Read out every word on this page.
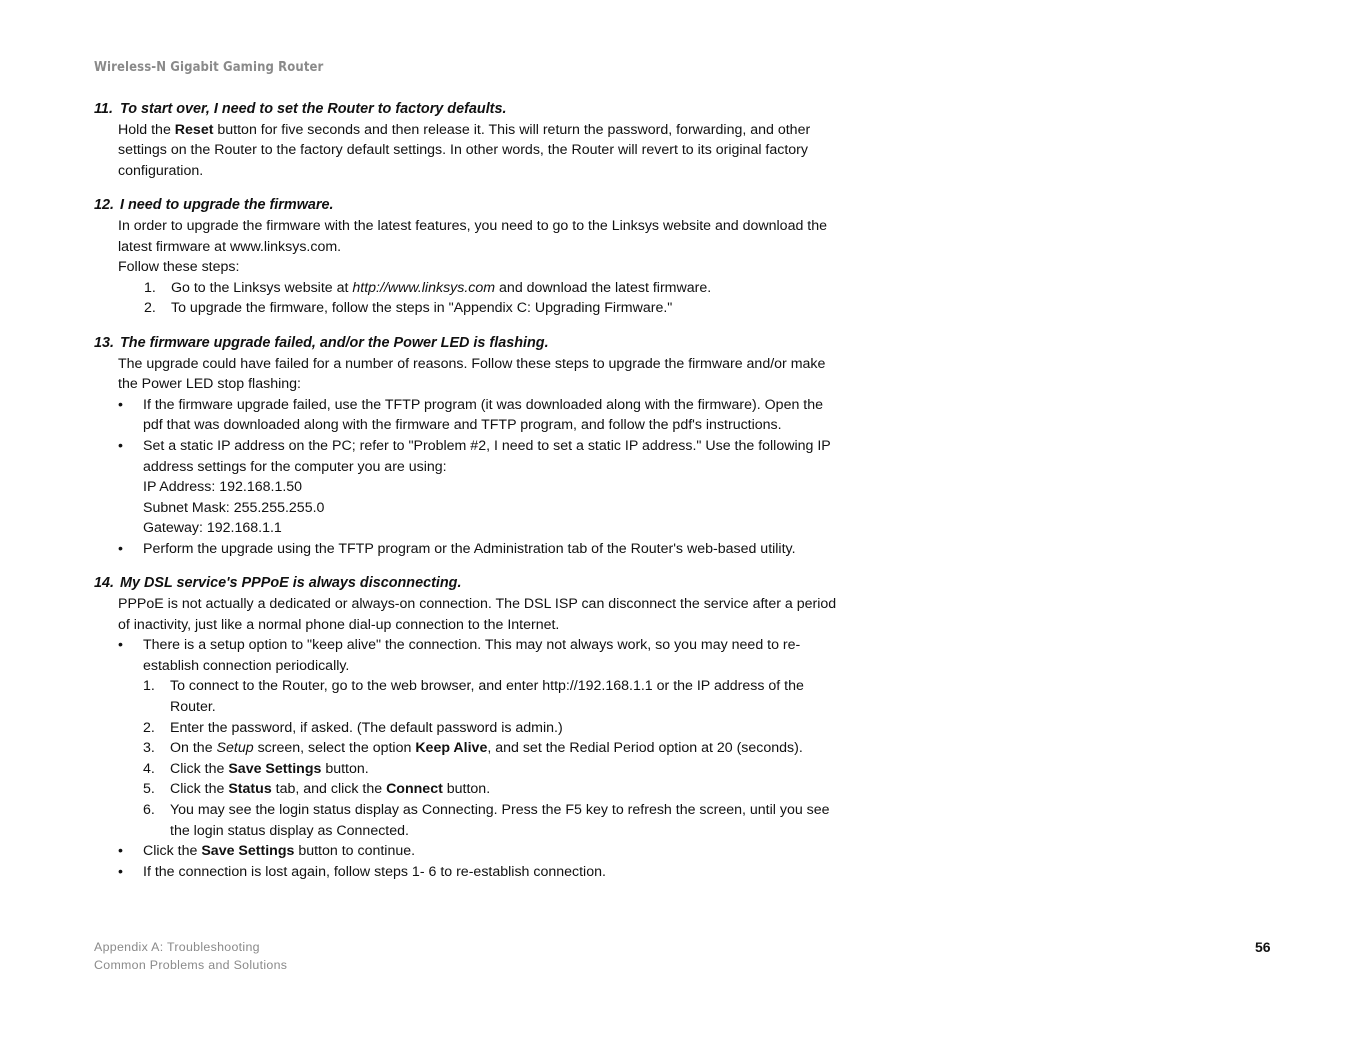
Wireless-N Gigabit Gaming Router

11. To start over, I need to set the Router to factory defaults.

Hold the Reset button for five seconds and then release it. This will return the password, forwarding, and other settings on the Router to the factory default settings. In other words, the Router will revert to its original factory configuration.

12. I need to upgrade the firmware.

In order to upgrade the firmware with the latest features, you need to go to the Linksys website and download the latest firmware at www.linksys.com.

Follow these steps:

1.	Go to the Linksys website at http://www.linksys.com and download the latest firmware.
2.	To upgrade the firmware, follow the steps in "Appendix C: Upgrading Firmware."

13. The firmware upgrade failed, and/or the Power LED is flashing.

The upgrade could have failed for a number of reasons. Follow these steps to upgrade the firmware and/or make the Power LED stop flashing:

•	If the firmware upgrade failed, use the TFTP program (it was downloaded along with the firmware). Open the pdf that was downloaded along with the firmware and TFTP program, and follow the pdf's instructions.
•	Set a static IP address on the PC; refer to "Problem #2, I need to set a static IP address." Use the following IP address settings for the computer you are using:
IP Address: 192.168.1.50
Subnet Mask: 255.255.255.0
Gateway: 192.168.1.1
•	Perform the upgrade using the TFTP program or the Administration tab of the Router's web-based utility.

14. My DSL service's PPPoE is always disconnecting.

PPPoE is not actually a dedicated or always-on connection. The DSL ISP can disconnect the service after a period of inactivity, just like a normal phone dial-up connection to the Internet.

•	There is a setup option to "keep alive" the connection. This may not always work, so you may need to re-establish connection periodically.
1.	To connect to the Router, go to the web browser, and enter http://192.168.1.1 or the IP address of the Router.
2.	Enter the password, if asked. (The default password is admin.)
3.	On the Setup screen, select the option Keep Alive, and set the Redial Period option at 20 (seconds).
4.	Click the Save Settings button.
5.	Click the Status tab, and click the Connect button.
6.	You may see the login status display as Connecting. Press the F5 key to refresh the screen, until you see the login status display as Connected.
•	Click the Save Settings button to continue.
•	If the connection is lost again, follow steps 1- 6 to re-establish connection.
Appendix A: Troubleshooting
Common Problems and Solutions
56
